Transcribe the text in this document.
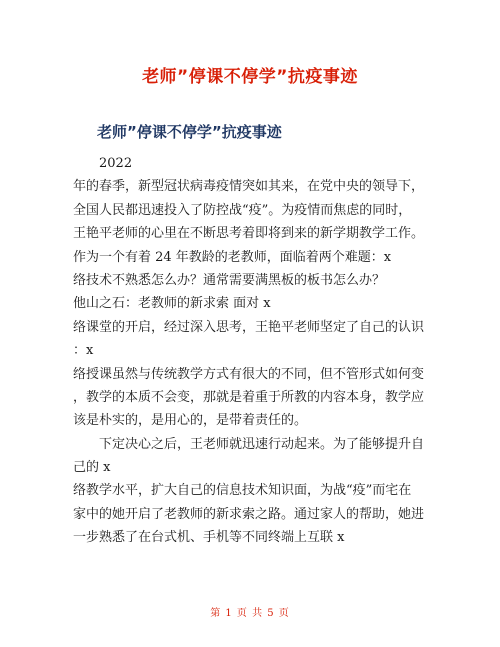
老师”停课不停学”抗疫事迹
老师”停课不停学”抗疫事迹
　　2022
年的春季，新型冠状病毒疫情突如其来，在党中央的领导下，
全国人民都迅速投入了防控战“疫”。为疫情而焦虑的同时，
王艳平老师的心里在不断思考着即将到来的新学期教学工作。
作为一个有着 24 年教龄的老教师，面临着两个难题：x
络技术不熟悉怎么办？通常需要满黑板的板书怎么办？
他山之石：老教师的新求索 面对 x
络课堂的开启，经过深入思考，王艳平老师坚定了自己的认识
：x
络授课虽然与传统教学方式有很大的不同，但不管形式如何变
，教学的本质不会变，那就是着重于所教的内容本身，教学应
该是朴实的，是用心的，是带着责任的。
　　下定决心之后，王老师就迅速行动起来。为了能够提升自
己的 x
络教学水平，扩大自己的信息技术知识面，为战“疫”而宅在
家中的她开启了老教师的新求索之路。通过家人的帮助，她进
一步熟悉了在台式机、手机等不同终端上互联 x
第 1 页 共 5 页
